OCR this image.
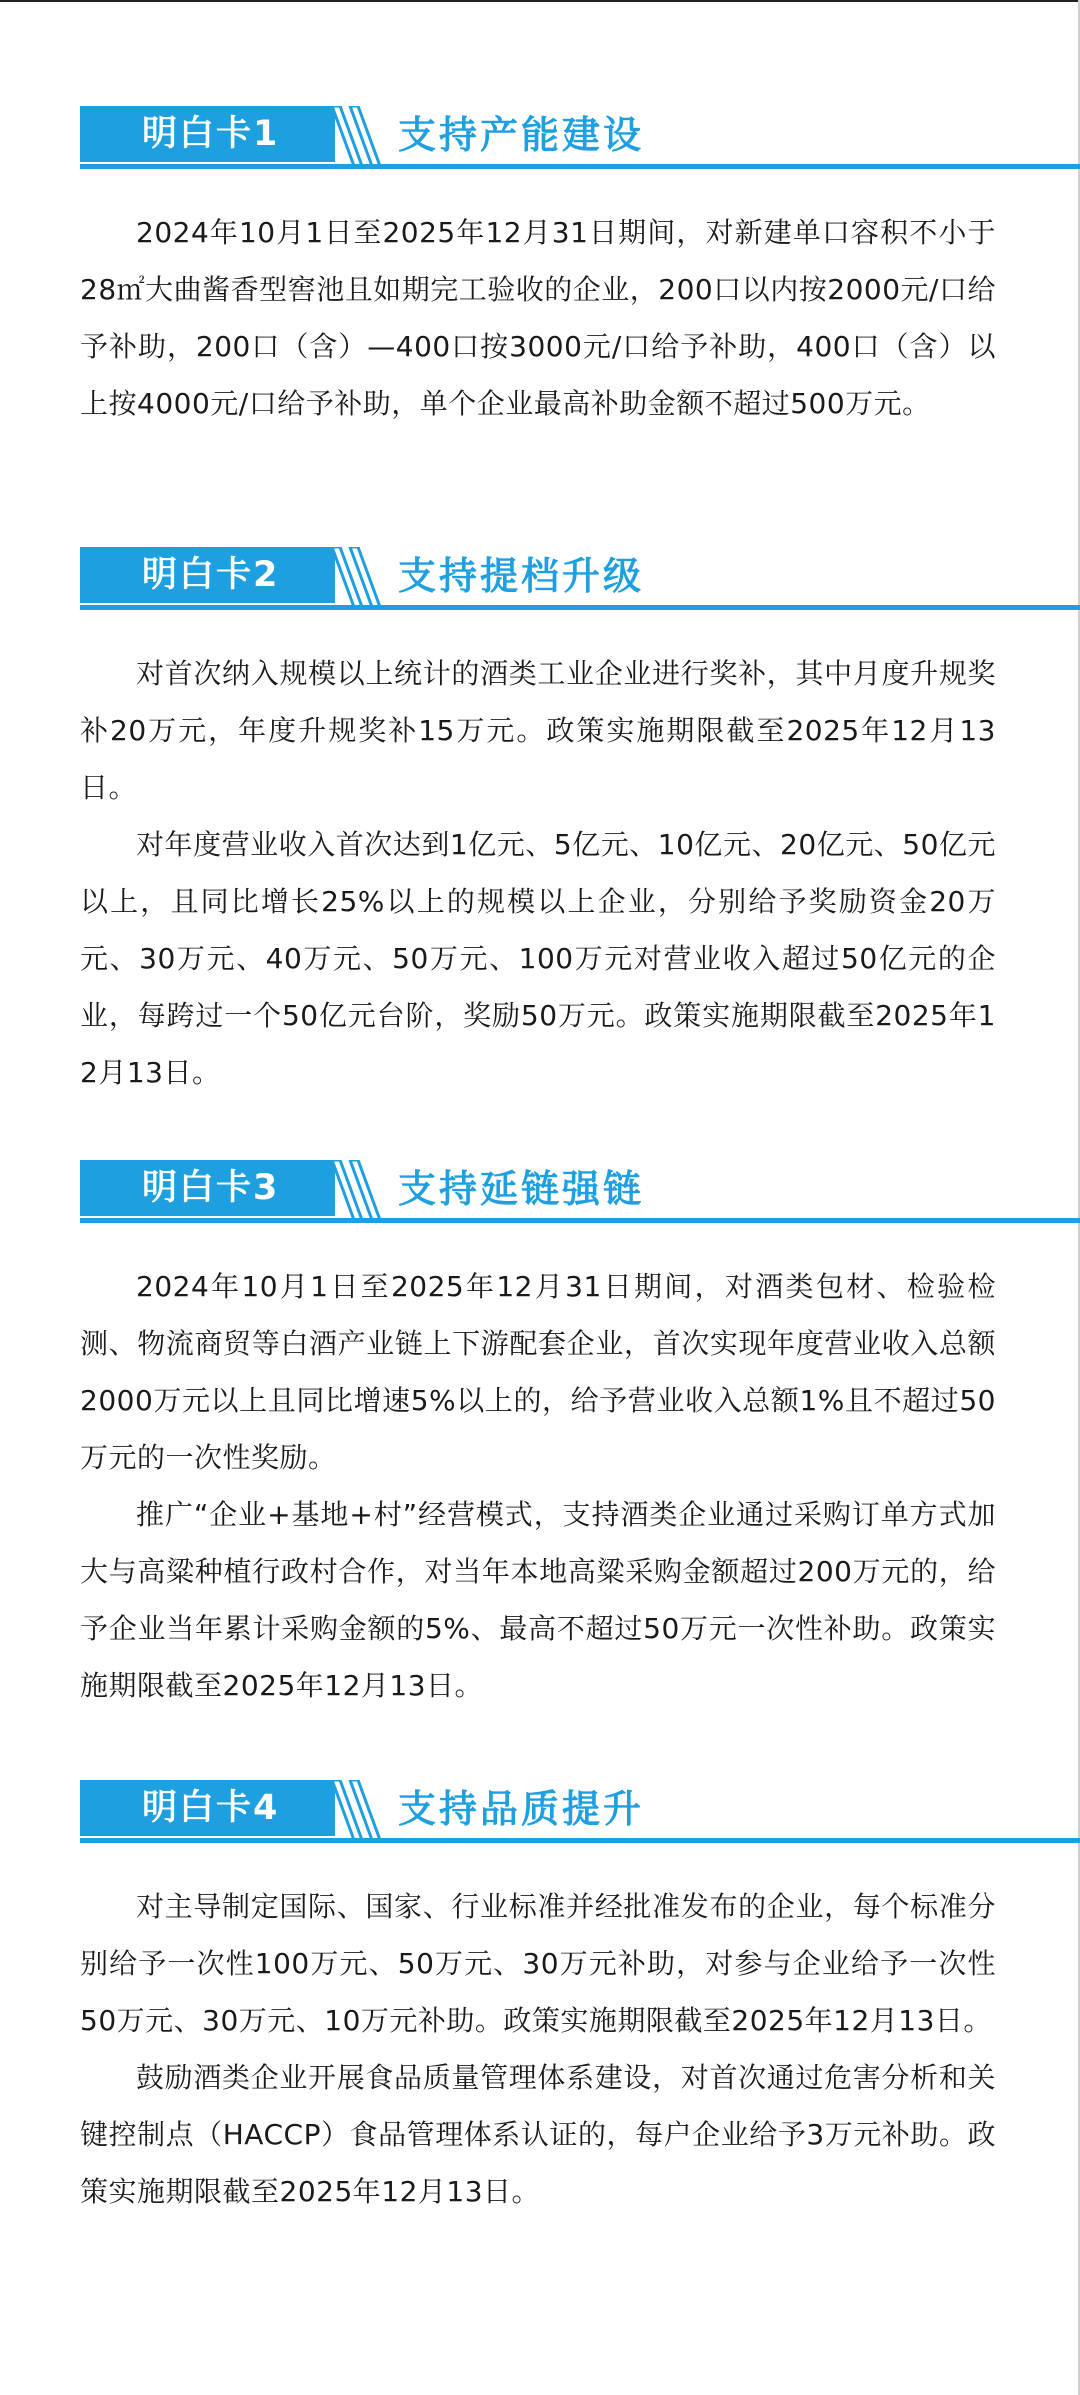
明白卡1	支持产能建设

2024年10月1日至2025年12月31日期间，对新建单口容积不小于28㎡大曲酱香型窖池且如期完工验收的企业，200口以内按2000元/口给予补助，200口（含）—400口按3000元/口给予补助，400口（含）以上按4000元/口给予补助，单个企业最高补助金额不超过500万元。

明白卡2	支持提档升级

对首次纳入规模以上统计的酒类工业企业进行奖补，其中月度升规奖补20万元，年度升规奖补15万元。政策实施期限截至2025年12月13日。

对年度营业收入首次达到1亿元、5亿元、10亿元、20亿元、50亿元以上，且同比增长25%以上的规模以上企业，分别给予奖励资金20万元、30万元、40万元、50万元、100万元对营业收入超过50亿元的企业，每跨过一个50亿元台阶，奖励50万元。政策实施期限截至2025年12月13日。

明白卡3	支持延链强链

2024年10月1日至2025年12月31日期间，对酒类包材、检验检测、物流商贸等白酒产业链上下游配套企业，首次实现年度营业收入总额2000万元以上且同比增速5%以上的，给予营业收入总额1%且不超过50万元的一次性奖励。

推广“企业+基地+村”经营模式，支持酒类企业通过采购订单方式加大与高粱种植行政村合作，对当年本地高粱采购金额超过200万元的，给予企业当年累计采购金额的5%、最高不超过50万元一次性补助。政策实施期限截至2025年12月13日。

明白卡4	支持品质提升

对主导制定国际、国家、行业标准并经批准发布的企业，每个标准分别给予一次性100万元、50万元、30万元补助，对参与企业给予一次性50万元、30万元、10万元补助。政策实施期限截至2025年12月13日。

鼓励酒类企业开展食品质量管理体系建设，对首次通过危害分析和关键控制点（HACCP）食品管理体系认证的，每户企业给予3万元补助。政策实施期限截至2025年12月13日。
